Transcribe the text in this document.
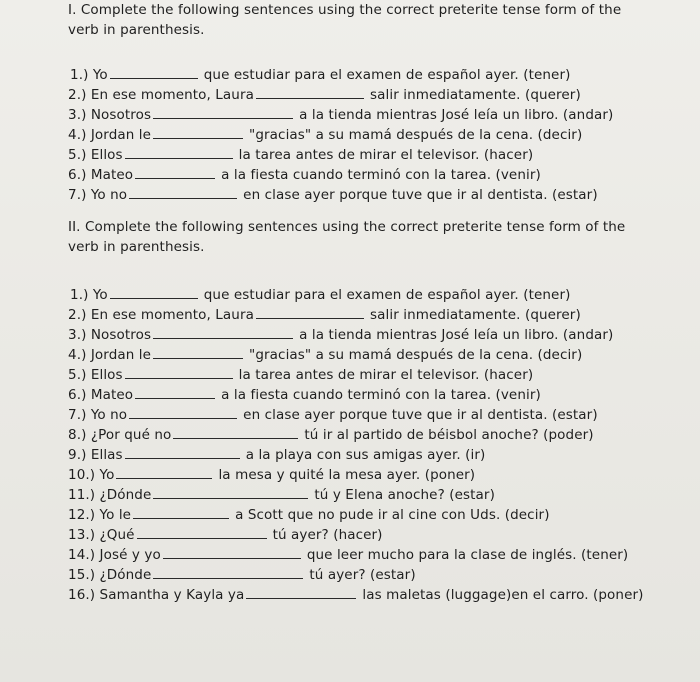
I. Complete the following sentences using the correct preterite tense form of the
verb in parenthesis.
1.) Yo	que estudiar para el examen de español ayer. (tener)
2.) En ese momento, Laura	salir inmediatamente. (querer)
3.) Nosotros	a la tienda mientras José leía un libro. (andar)
4.) Jordan le	"gracias" a su mamá después de la cena. (decir)
5.) Ellos	la tarea antes de mirar el televisor. (hacer)
6.) Mateo	a la fiesta cuando terminó con la tarea. (venir)
7.) Yo no	en clase ayer porque tuve que ir al dentista. (estar)
II. Complete the following sentences using the correct preterite tense form of the
verb in parenthesis.
1.) Yo	que estudiar para el examen de español ayer. (tener)
2.) En ese momento, Laura	salir inmediatamente. (querer)
3.) Nosotros	a la tienda mientras José leía un libro. (andar)
4.) Jordan le	"gracias" a su mamá después de la cena. (decir)
5.) Ellos	la tarea antes de mirar el televisor. (hacer)
6.) Mateo	a la fiesta cuando terminó con la tarea. (venir)
7.) Yo no	en clase ayer porque tuve que ir al dentista. (estar)
8.) ¿Por qué no	tú ir al partido de béisbol anoche? (poder)
9.) Ellas	a la playa con sus amigas ayer. (ir)
10.) Yo	la mesa y quité la mesa ayer. (poner)
11.) ¿Dónde	tú y Elena anoche? (estar)
12.) Yo le	a Scott que no pude ir al cine con Uds. (decir)
13.) ¿Qué	tú ayer? (hacer)
14.) José y yo	que leer mucho para la clase de inglés. (tener)
15.) ¿Dónde	tú ayer? (estar)
16.) Samantha y Kayla ya	las maletas (luggage)en el carro. (poner)
